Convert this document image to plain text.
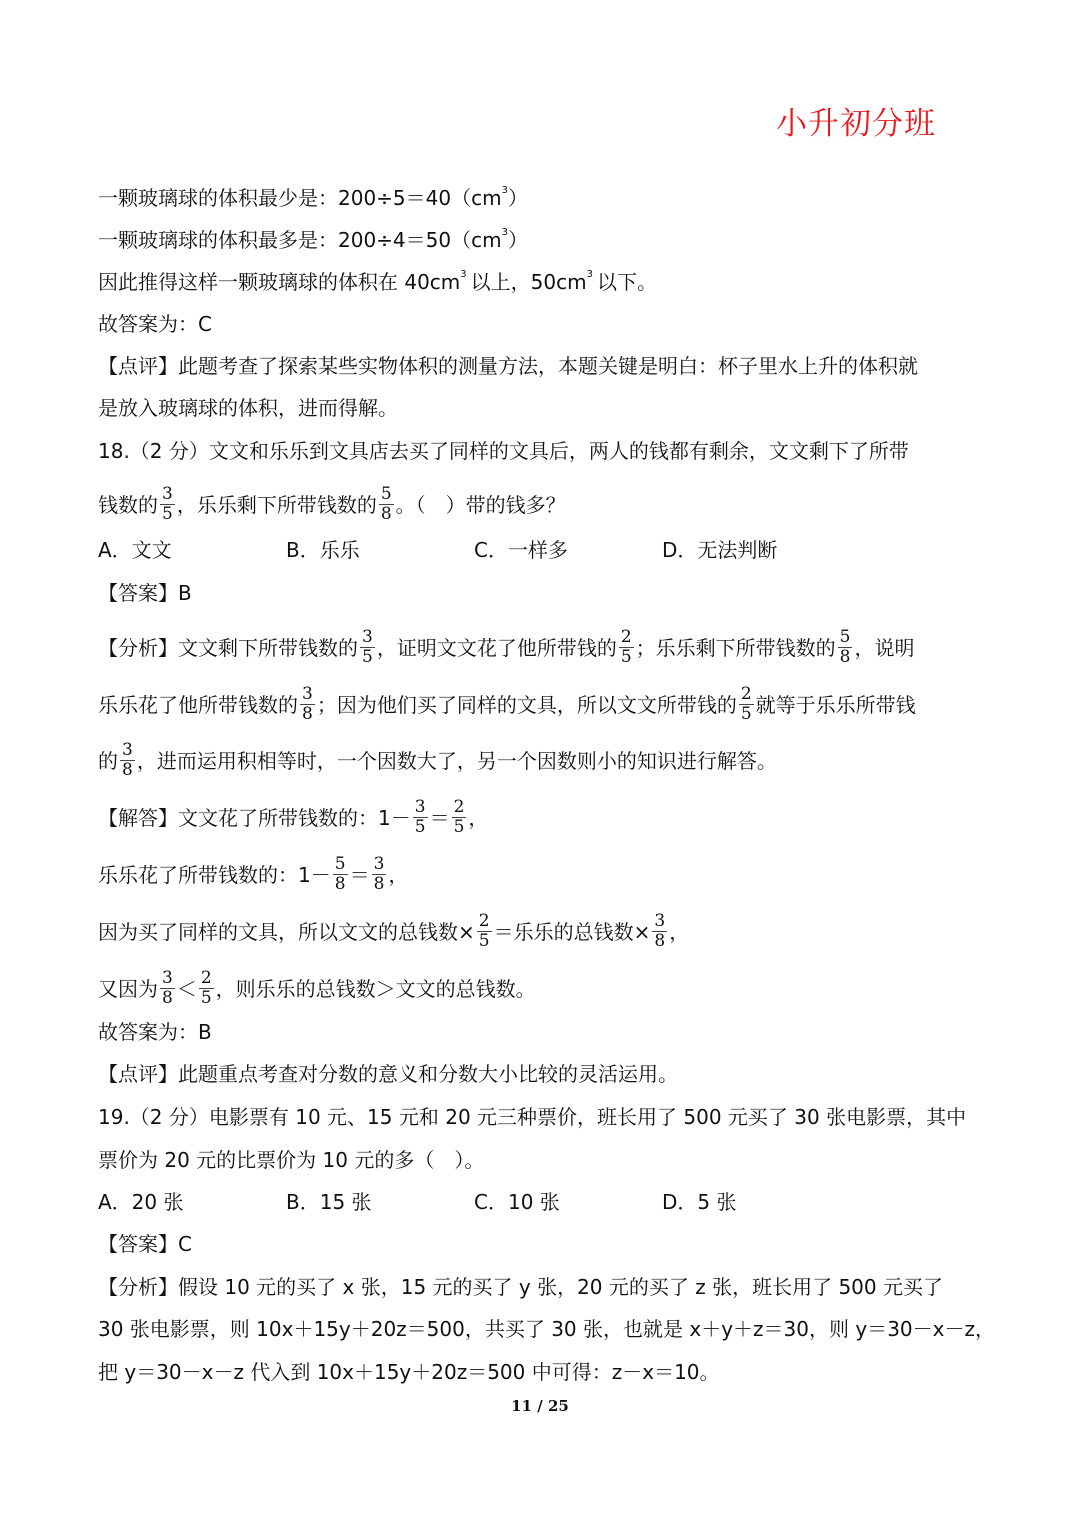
小升初分班
一颗玻璃球的体积最少是：$200\div 5=40(cm^3$ ）
一颗玻璃球的体积最多是：$200\div 4=50(cm^3$ ）
因此推得这样一颗玻璃球的体积在 $40cm^3$ 以上，$50cm^3$ 以下。
故答案为：C
【点评】此题考查了探索某些实物体积的测量方法，本题关键是明白：杯子里水上升的体积就
是放入玻璃球的体积，进而得解。
18.（2 分）文文和乐乐到文具店去买了同样的文具后，两人的钱都有剩余，文文剩下了所带
钱数的 $\frac{3}{5}$ ，乐乐剩下所带钱数的 $\frac{5}{8}$ 。（　）带的钱多？
A．文文	B．乐乐	C．一样多	D．无法判断
【答案】B
【分析】文文剩下所带钱数的 $\frac{3}{5}$ ，证明文文花了他所带钱的 $\frac{2}{5}$ ；乐乐剩下所带钱数的 $\frac{5}{8}$ ，说明
乐乐花了他所带钱数的 $\frac{3}{8}$ ；因为他们买了同样的文具，所以文文所带钱的 $\frac{2}{5}$ 就等于乐乐所带钱
的 $\frac{3}{8}$ ，进而运用积相等时，一个因数大了，另一个因数则小的知识进行解答。
【解答】文文花了所带钱数的：$1- \frac{3}{5} = \frac{2}{5}$ ，
乐乐花了所带钱数的：$1- \frac{5}{8} = \frac{3}{8}$ ，
因为买了同样的文具，所以文文的总钱数× $\frac{2}{5}$ ＝乐乐的总钱数× $\frac{3}{8}$ ，
又因为 $\frac{3}{8} < \frac{2}{5}$ ，则乐乐的总钱数＞文文的总钱数。
故答案为：B
【点评】此题重点考查对分数的意义和分数大小比较的灵活运用。
19.（2 分）电影票有 10 元、15 元和 20 元三种票价，班长用了 500 元买了 30 张电影票，其中
票价为 20 元的比票价为 10 元的多（　）。
A．20 张	B．15 张	C．10 张	D．5 张
【答案】C
【分析】假设 10 元的买了 x 张，15 元的买了 y 张，20 元的买了 z 张，班长用了 500 元买了
30 张电影票，则 10x＋15y＋20z＝500，共买了 30 张，也就是 x＋y＋z＝30，则 y＝30－x－z，
把 y＝30－x－z 代入到 10x＋15y＋20z＝500 中可得：z－x＝10。
11 / 25
